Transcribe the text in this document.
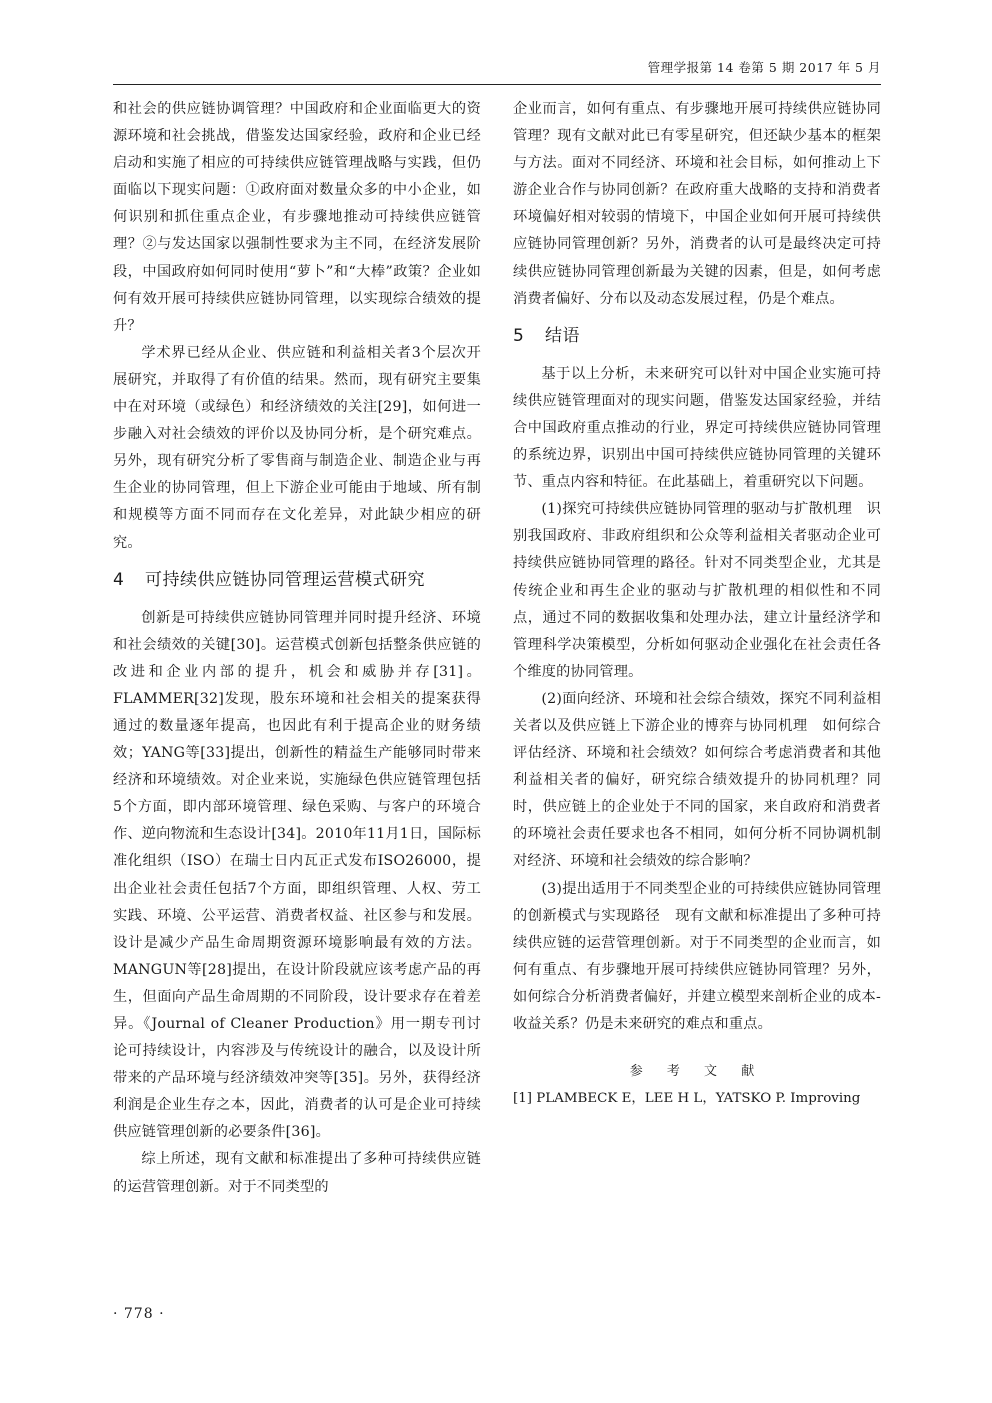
管理学报第 14 卷第 5 期 2017 年 5 月

和社会的供应链协调管理？中国政府和企业面临更大的资源环境和社会挑战，借鉴发达国家经验，政府和企业已经启动和实施了相应的可持续供应链管理战略与实践，但仍面临以下现实问题：①政府面对数量众多的中小企业，如何识别和抓住重点企业，有步骤地推动可持续供应链管理？②与发达国家以强制性要求为主不同，在经济发展阶段，中国政府如何同时使用“萝卜”和“大棒”政策？企业如何有效开展可持续供应链协同管理，以实现综合绩效的提升？

学术界已经从企业、供应链和利益相关者3个层次开展研究，并取得了有价值的结果。然而，现有研究主要集中在对环境（或绿色）和经济绩效的关注[29]，如何进一步融入对社会绩效的评价以及协同分析，是个研究难点。另外，现有研究分析了零售商与制造企业、制造企业与再生企业的协同管理，但上下游企业可能由于地域、所有制和规模等方面不同而存在文化差异，对此缺少相应的研究。

4 可持续供应链协同管理运营模式研究

创新是可持续供应链协同管理并同时提升经济、环境和社会绩效的关键[30]。运营模式创新包括整条供应链的改进和企业内部的提升，机会和威胁并存[31]。FLAMMER[32]发现，股东环境和社会相关的提案获得通过的数量逐年提高，也因此有利于提高企业的财务绩效；YANG等[33]提出，创新性的精益生产能够同时带来经济和环境绩效。对企业来说，实施绿色供应链管理包括5个方面，即内部环境管理、绿色采购、与客户的环境合作、逆向物流和生态设计[34]。2010年11月1日，国际标准化组织（ISO）在瑞士日内瓦正式发布ISO26000，提出企业社会责任包括7个方面，即组织管理、人权、劳工实践、环境、公平运营、消费者权益、社区参与和发展。设计是减少产品生命周期资源环境影响最有效的方法。MANGUN等[28]提出，在设计阶段就应该考虑产品的再生，但面向产品生命周期的不同阶段，设计要求存在着差异。《Journal of Cleaner Production》用一期专刊讨论可持续设计，内容涉及与传统设计的融合，以及设计所带来的产品环境与经济绩效冲突等[35]。另外，获得经济利润是企业生存之本，因此，消费者的认可是企业可持续供应链管理创新的必要条件[36]。

综上所述，现有文献和标准提出了多种可持续供应链的运营管理创新。对于不同类型的

企业而言，如何有重点、有步骤地开展可持续供应链协同管理？现有文献对此已有零星研究，但还缺少基本的框架与方法。面对不同经济、环境和社会目标，如何推动上下游企业合作与协同创新？在政府重大战略的支持和消费者环境偏好相对较弱的情境下，中国企业如何开展可持续供应链协同管理创新？另外，消费者的认可是最终决定可持续供应链协同管理创新最为关键的因素，但是，如何考虑消费者偏好、分布以及动态发展过程，仍是个难点。

5 结语

基于以上分析，未来研究可以针对中国企业实施可持续供应链管理面对的现实问题，借鉴发达国家经验，并结合中国政府重点推动的行业，界定可持续供应链协同管理的系统边界，识别出中国可持续供应链协同管理的关键环节、重点内容和特征。在此基础上，着重研究以下问题。

(1)探究可持续供应链协同管理的驱动与扩散机理　识别我国政府、非政府组织和公众等利益相关者驱动企业可持续供应链协同管理的路径。针对不同类型企业，尤其是传统企业和再生企业的驱动与扩散机理的相似性和不同点，通过不同的数据收集和处理办法，建立计量经济学和管理科学决策模型，分析如何驱动企业强化在社会责任各个维度的协同管理。

(2)面向经济、环境和社会综合绩效，探究不同利益相关者以及供应链上下游企业的博弈与协同机理　如何综合评估经济、环境和社会绩效？如何综合考虑消费者和其他利益相关者的偏好，研究综合绩效提升的协同机理？同时，供应链上的企业处于不同的国家，来自政府和消费者的环境社会责任要求也各不相同，如何分析不同协调机制对经济、环境和社会绩效的综合影响？

(3)提出适用于不同类型企业的可持续供应链协同管理的创新模式与实现路径　现有文献和标准提出了多种可持续供应链的运营管理创新。对于不同类型的企业而言，如何有重点、有步骤地开展可持续供应链协同管理？另外，如何综合分析消费者偏好，并建立模型来剖析企业的成本-收益关系？仍是未来研究的难点和重点。

参 考 文 献
[1] PLAMBECK E，LEE H L，YATSKO P. Improving
· 778 ·
